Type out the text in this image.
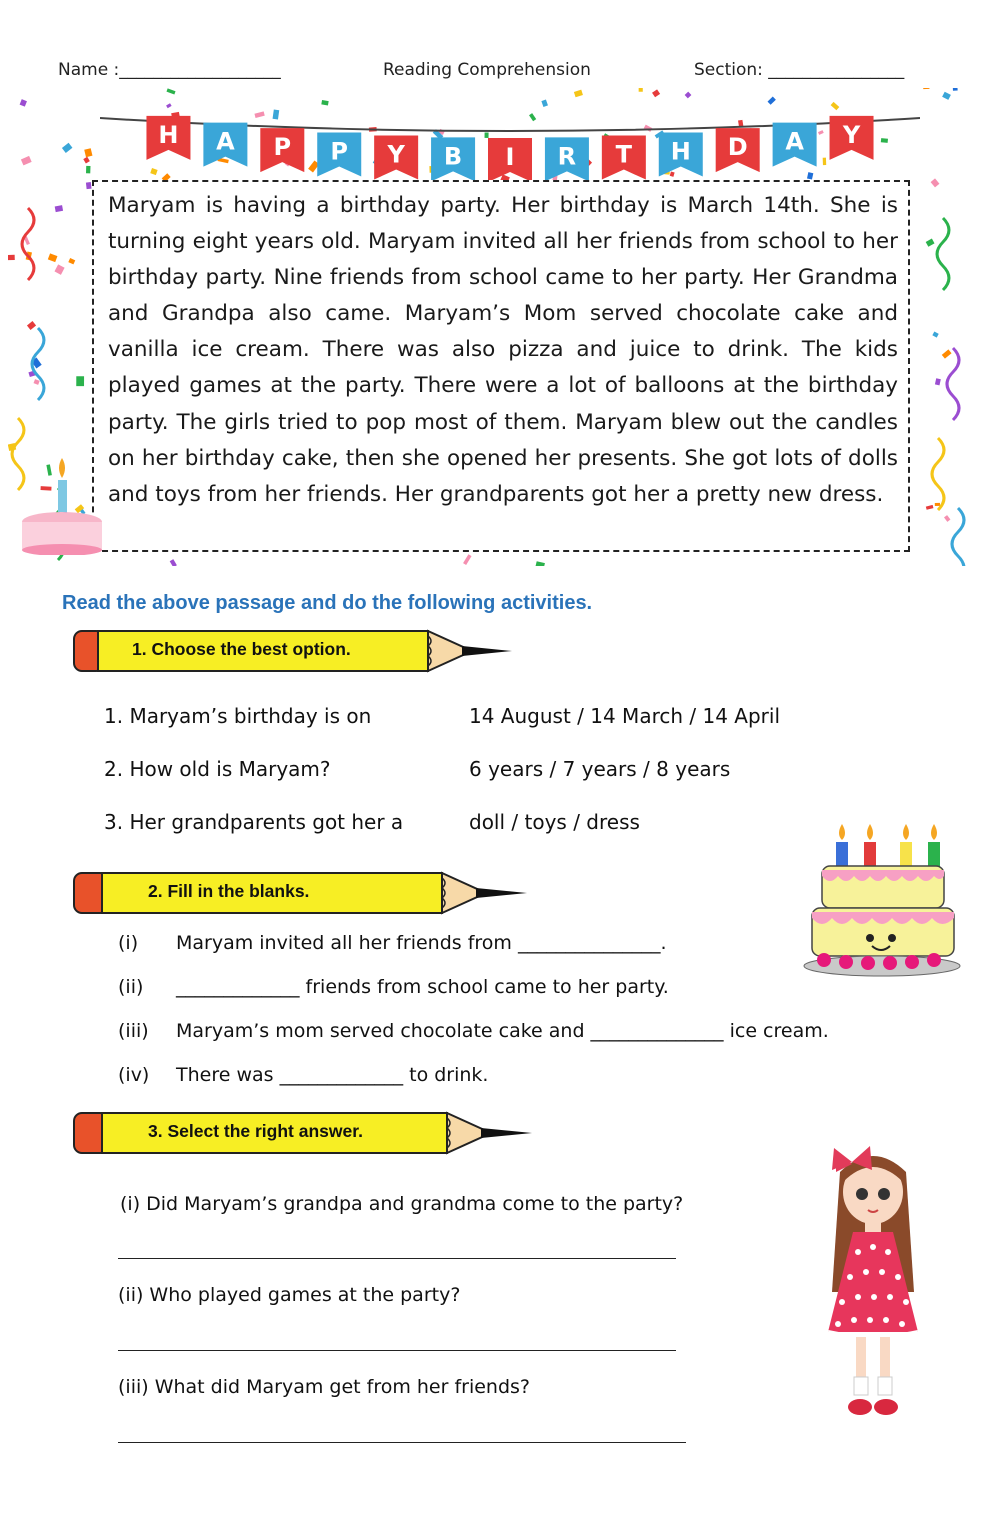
Name :___________________	Reading Comprehension	Section: ________________
H A P P Y B I R T H D A Y

Maryam is having a birthday party. Her birthday is March 14th. She is turning eight years old. Maryam invited all her friends from school to her birthday party. Nine friends from school came to her party. Her Grandma and Grandpa also came. Maryam’s Mom served chocolate cake and vanilla ice cream. There was also pizza and juice to drink. The kids played games at the party. There were a lot of balloons at the birthday party. The girls tried to pop most of them. Maryam blew out the candles on her birthday cake, then she opened her presents. She got lots of dolls and toys from her friends. Her grandparents got her a pretty new dress.

Read the above passage and do the following activities.
1. Choose the best option.
1. Maryam’s birthday is on	14 August / 14 March / 14 April
2. How old is Maryam?	6 years / 7 years / 8 years
3. Her grandparents got her a	doll / toys / dress
2. Fill in the blanks.
(i) Maryam invited all her friends from _______________.
(ii) _____________ friends from school came to her party.
(iii) Maryam’s mom served chocolate cake and ______________ ice cream.
(iv) There was _____________ to drink.
3. Select the right answer.
(i) Did Maryam’s grandpa and grandma come to the party?
(ii) Who played games at the party?
(iii) What did Maryam get from her friends?
